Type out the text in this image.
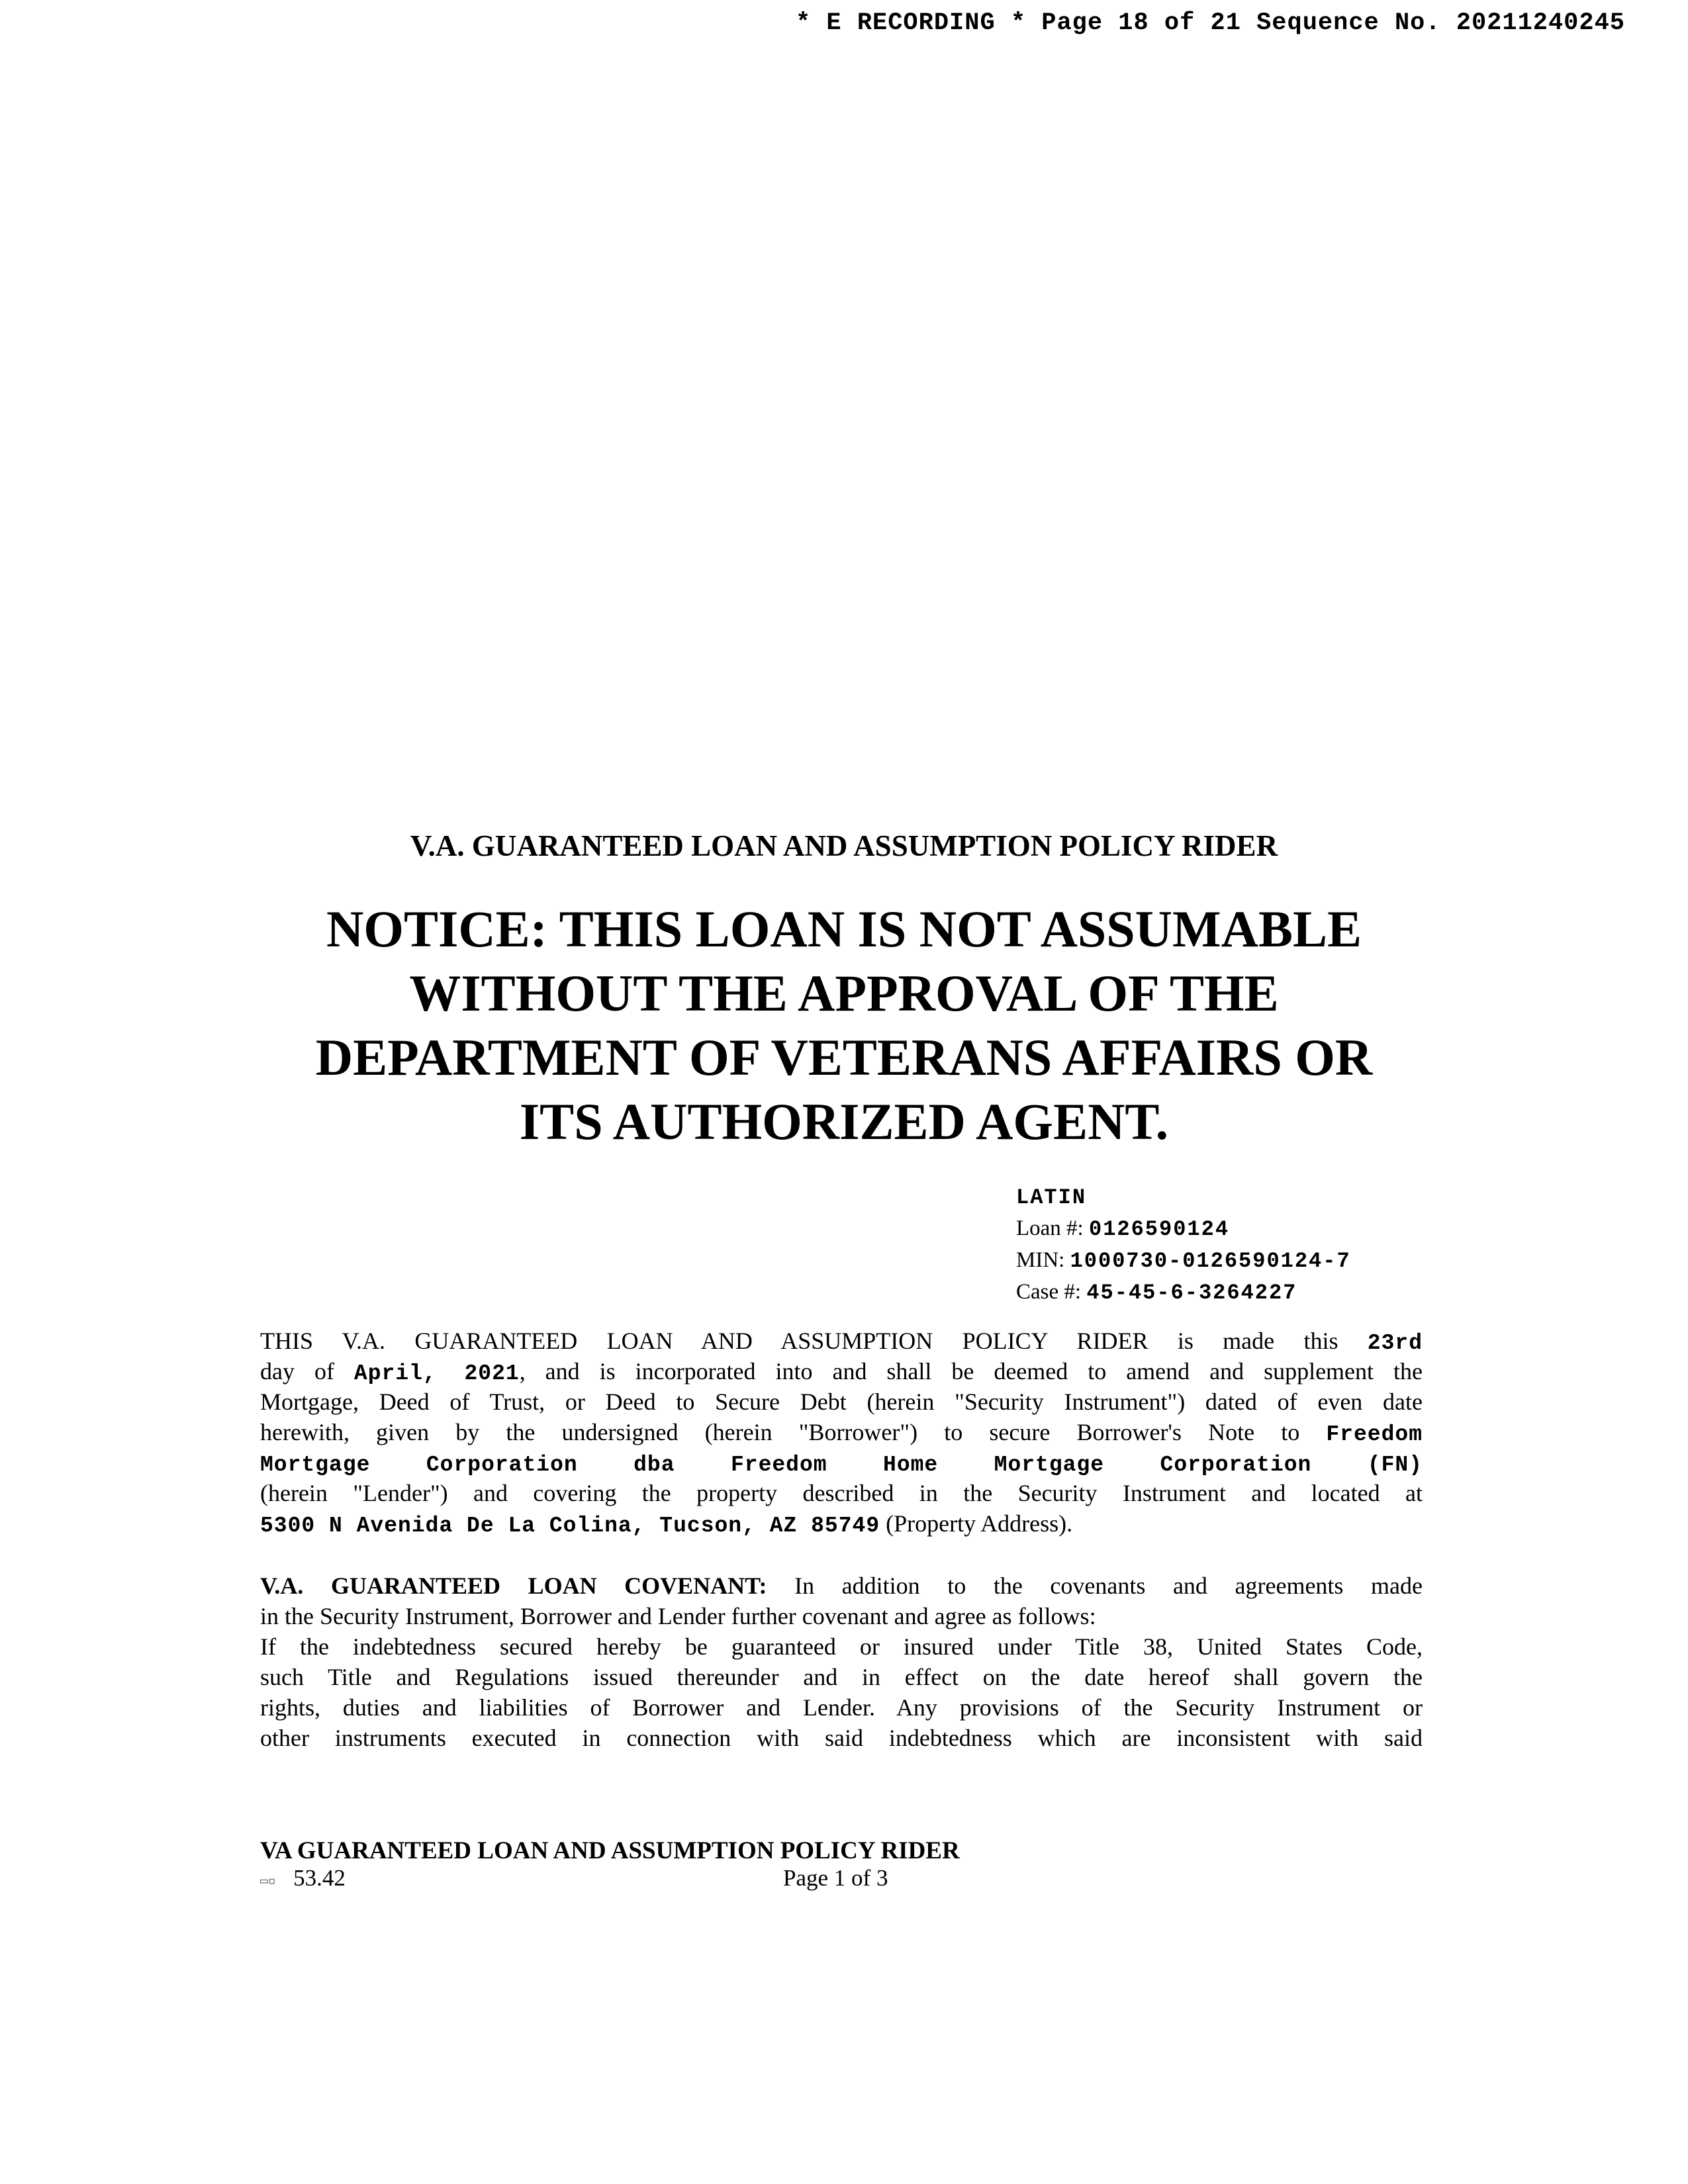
* E RECORDING * Page 18 of 21 Sequence No. 20211240245
V.A. GUARANTEED LOAN AND ASSUMPTION POLICY RIDER
NOTICE: THIS LOAN IS NOT ASSUMABLE
WITHOUT THE APPROVAL OF THE
DEPARTMENT OF VETERANS AFFAIRS OR
ITS AUTHORIZED AGENT.
LATIN
Loan #: 0126590124
MIN: 1000730-0126590124-7
Case #: 45-45-6-3264227
THIS V.A. GUARANTEED LOAN AND ASSUMPTION POLICY RIDER is made this 23rd
day of April, 2021, and is incorporated into and shall be deemed to amend and supplement the
Mortgage, Deed of Trust, or Deed to Secure Debt (herein "Security Instrument") dated of even date
herewith, given by the undersigned (herein "Borrower") to secure Borrower's Note to Freedom
Mortgage Corporation dba Freedom Home Mortgage Corporation (FN)
(herein "Lender") and covering the property described in the Security Instrument and located at
5300 N Avenida De La Colina, Tucson, AZ 85749 (Property Address).
V.A. GUARANTEED LOAN COVENANT: In addition to the covenants and agreements made
in the Security Instrument, Borrower and Lender further covenant and agree as follows:
If the indebtedness secured hereby be guaranteed or insured under Title 38, United States Code,
such Title and Regulations issued thereunder and in effect on the date hereof shall govern the
rights, duties and liabilities of Borrower and Lender. Any provisions of the Security Instrument or
other instruments executed in connection with said indebtedness which are inconsistent with said
VA GUARANTEED LOAN AND ASSUMPTION POLICY RIDER
▭▫ 53.42	Page 1 of 3
